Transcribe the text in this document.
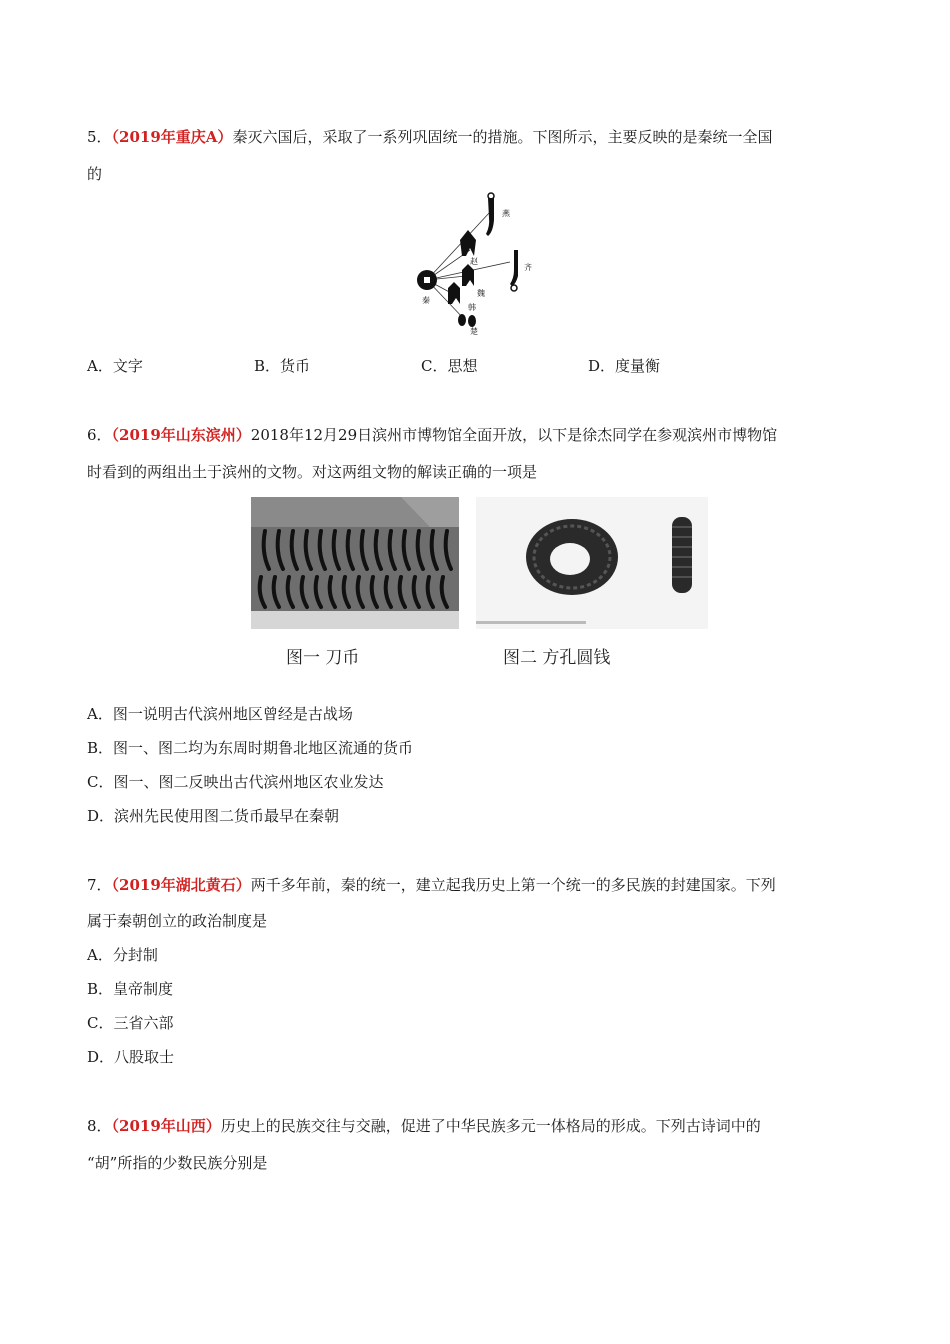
5．（2019年重庆A）秦灭六国后，采取了一系列巩固统一的措施。下图所示，主要反映的是秦统一全国
的
燕
赵
齐
秦
魏
韩
楚
A．文字	B．货币	C．思想	D．度量衡
6．（2019年山东滨州）2018年12月29日滨州市博物馆全面开放，以下是徐杰同学在参观滨州市博物馆
时看到的两组出土于滨州的文物。对这两组文物的解读正确的一项是
图一 刀币	图二 方孔圆钱
A．图一说明古代滨州地区曾经是古战场
B．图一、图二均为东周时期鲁北地区流通的货币
C．图一、图二反映出古代滨州地区农业发达
D．滨州先民使用图二货币最早在秦朝
7．（2019年湖北黄石）两千多年前，秦的统一，建立起我历史上第一个统一的多民族的封建国家。下列
属于秦朝创立的政治制度是
A．分封制
B．皇帝制度
C．三省六部
D．八股取士
8．（2019年山西）历史上的民族交往与交融，促进了中华民族多元一体格局的形成。下列古诗词中的
“胡”所指的少数民族分别是
